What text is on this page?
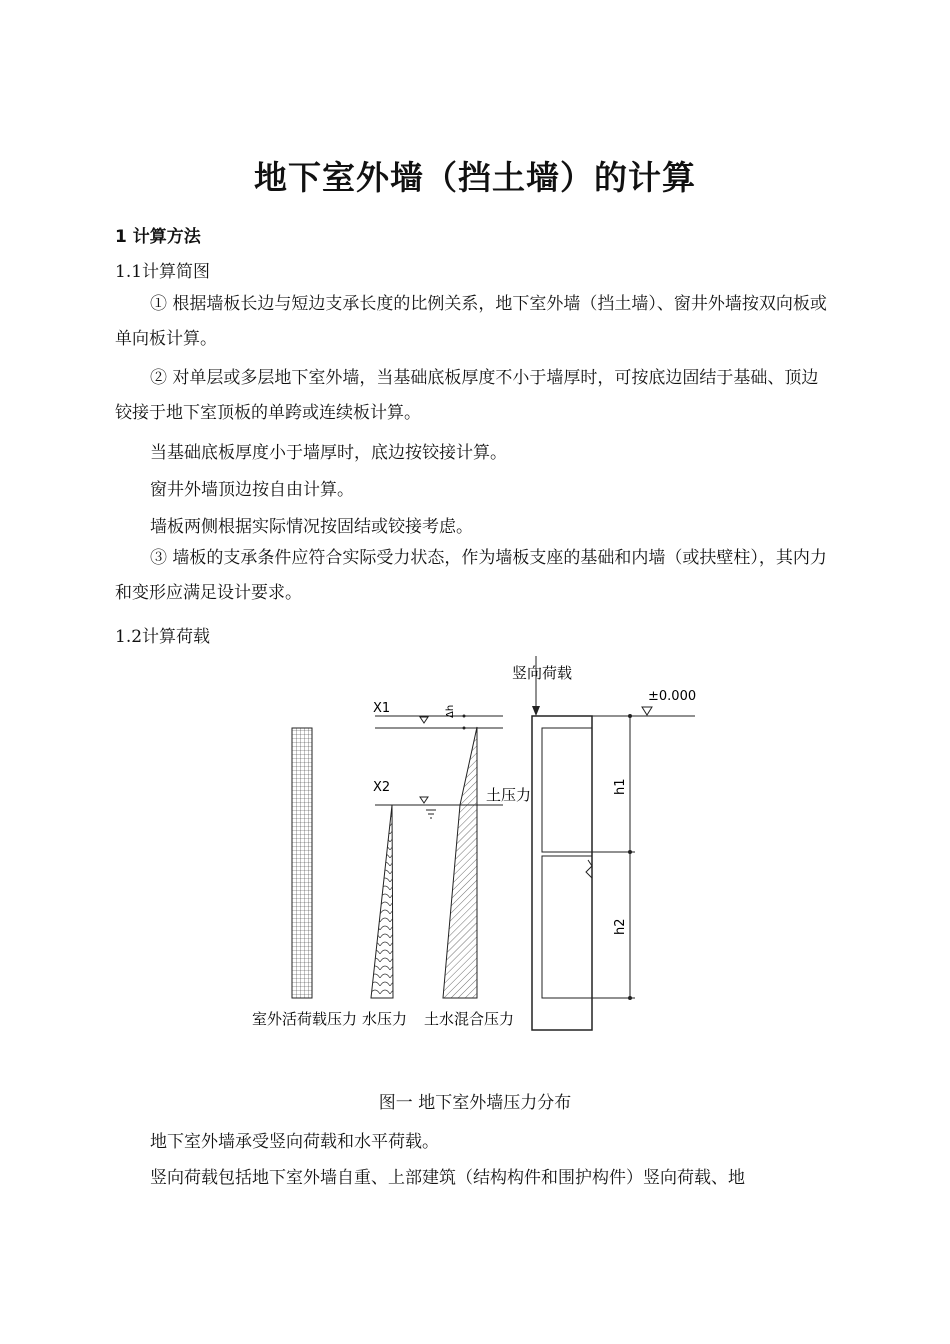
地下室外墙（挡土墙）的计算
1 计算方法
1.1计算简图
① 根据墙板长边与短边支承长度的比例关系，地下室外墙（挡土墙）、窗井外墙按双向板或单向板计算。
② 对单层或多层地下室外墙，当基础底板厚度不小于墙厚时，可按底边固结于基础、顶边铰接于地下室顶板的单跨或连续板计算。
当基础底板厚度小于墙厚时，底边按铰接计算。
窗井外墙顶边按自由计算。
墙板两侧根据实际情况按固结或铰接考虑。
③ 墙板的支承条件应符合实际受力状态，作为墙板支座的基础和内墙（或扶壁柱），其内力和变形应满足设计要求。
1.2计算荷载
X1	Δh
X2	土压力
竖向荷载
±0.000
h1
h2
室外活荷载压力 水压力 土水混合压力
图一 地下室外墙压力分布
地下室外墙承受竖向荷载和水平荷载。
竖向荷载包括地下室外墙自重、上部建筑（结构构件和围护构件）竖向荷载、地
